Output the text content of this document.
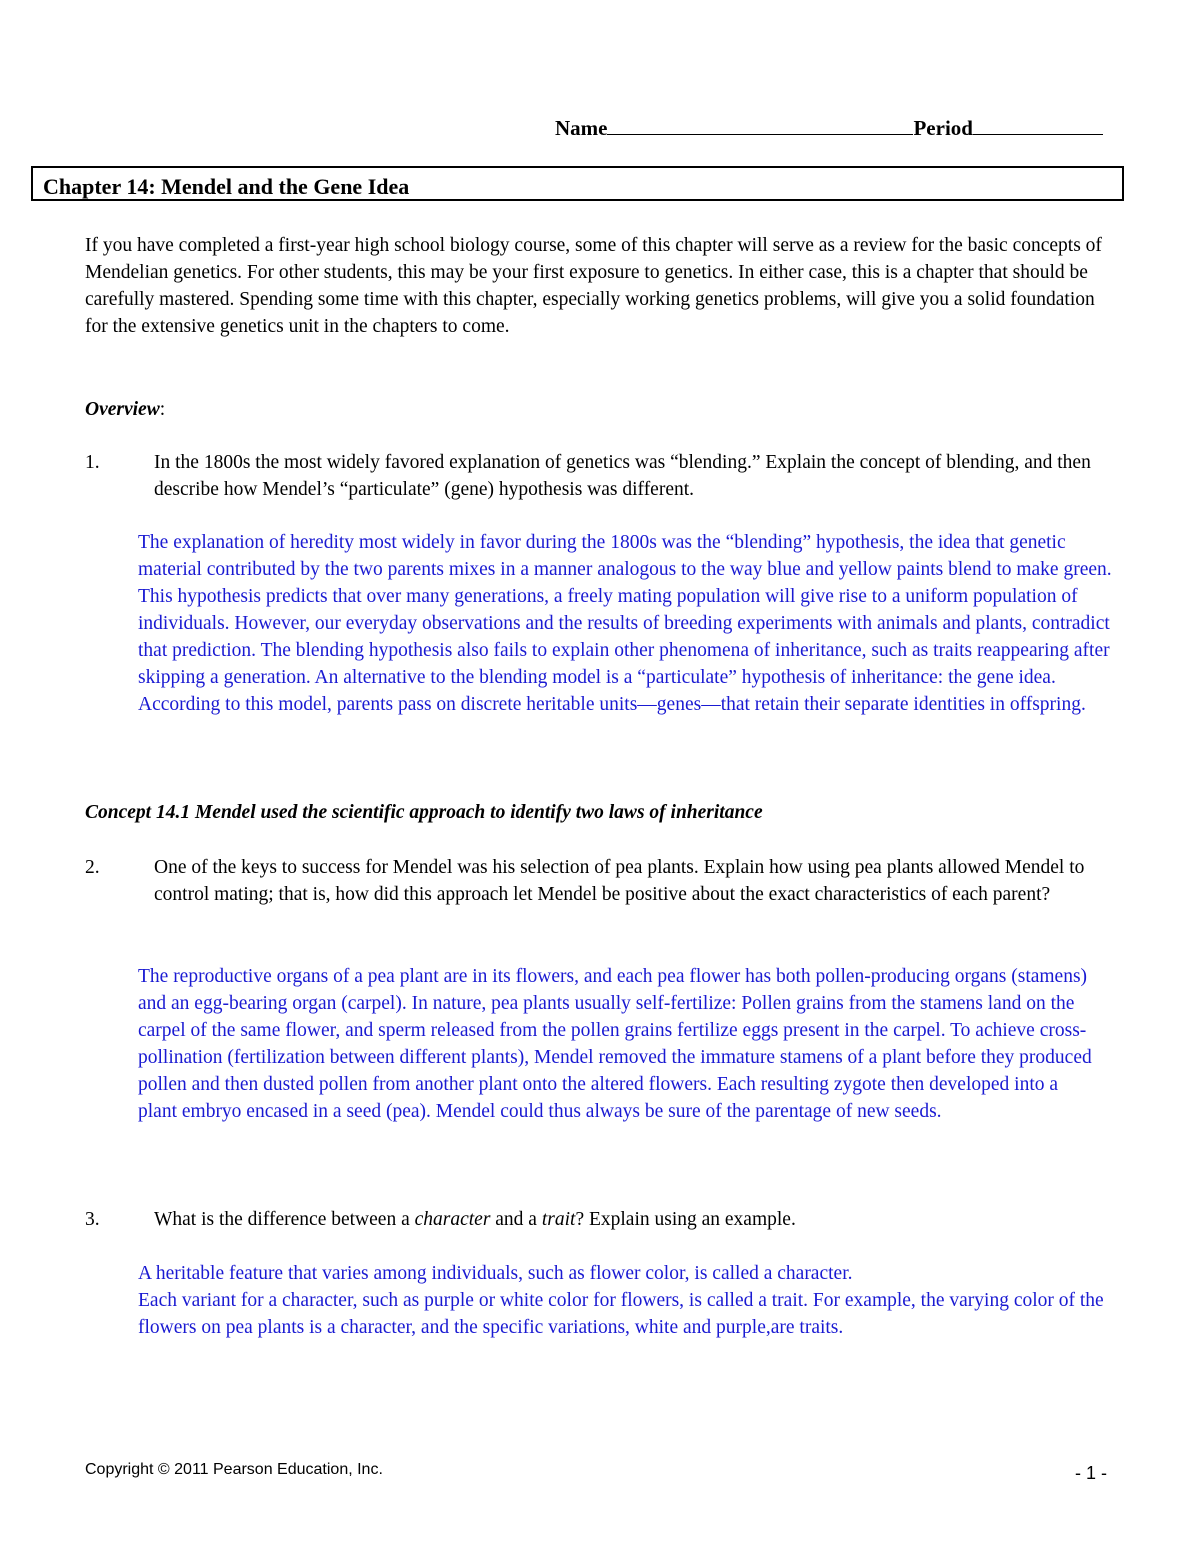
Name	Period
Chapter 14: Mendel and the Gene Idea

If you have completed a first-year high school biology course, some of this chapter will serve as a review for the basic concepts of Mendelian genetics. For other students, this may be your first exposure to genetics. In either case, this is a chapter that should be carefully mastered. Spending some time with this chapter, especially working genetics problems, will give you a solid foundation for the extensive genetics unit in the chapters to come.

Overview:
1.	In the 1800s the most widely favored explanation of genetics was “blending.” Explain the concept of blending, and then describe how Mendel’s “particulate” (gene) hypothesis was different.

The explanation of heredity most widely in favor during the 1800s was the “blending” hypothesis, the idea that genetic material contributed by the two parents mixes in a manner analogous to the way blue and yellow paints blend to make green. This hypothesis predicts that over many generations, a freely mating population will give rise to a uniform population of individuals. However, our everyday observations and the results of breeding experiments with animals and plants, contradict that prediction. The blending hypothesis also fails to explain other phenomena of inheritance, such as traits reappearing after skipping a generation. An alternative to the blending model is a “particulate” hypothesis of inheritance: the gene idea. According to this model, parents pass on discrete heritable units—genes—that retain their separate identities in offspring.

Concept 14.1 Mendel used the scientific approach to identify two laws of inheritance
2.	One of the keys to success for Mendel was his selection of pea plants. Explain how using pea plants allowed Mendel to control mating; that is, how did this approach let Mendel be positive about the exact characteristics of each parent?

The reproductive organs of a pea plant are in its flowers, and each pea flower has both pollen-producing organs (stamens) and an egg-bearing organ (carpel). In nature, pea plants usually self-fertilize: Pollen grains from the stamens land on the carpel of the same flower, and sperm released from the pollen grains fertilize eggs present in the carpel. To achieve cross-pollination (fertilization between different plants), Mendel removed the immature stamens of a plant before they produced pollen and then dusted pollen from another plant onto the altered flowers. Each resulting zygote then developed into a plant embryo encased in a seed (pea). Mendel could thus always be sure of the parentage of new seeds.

3.	What is the difference between a character and a trait? Explain using an example.

A heritable feature that varies among individuals, such as flower color, is called a character.
Each variant for a character, such as purple or white color for flowers, is called a trait. For example, the varying color of the flowers on pea plants is a character, and the specific variations, white and purple,are traits.
Copyright © 2011 Pearson Education, Inc.	- 1 -
